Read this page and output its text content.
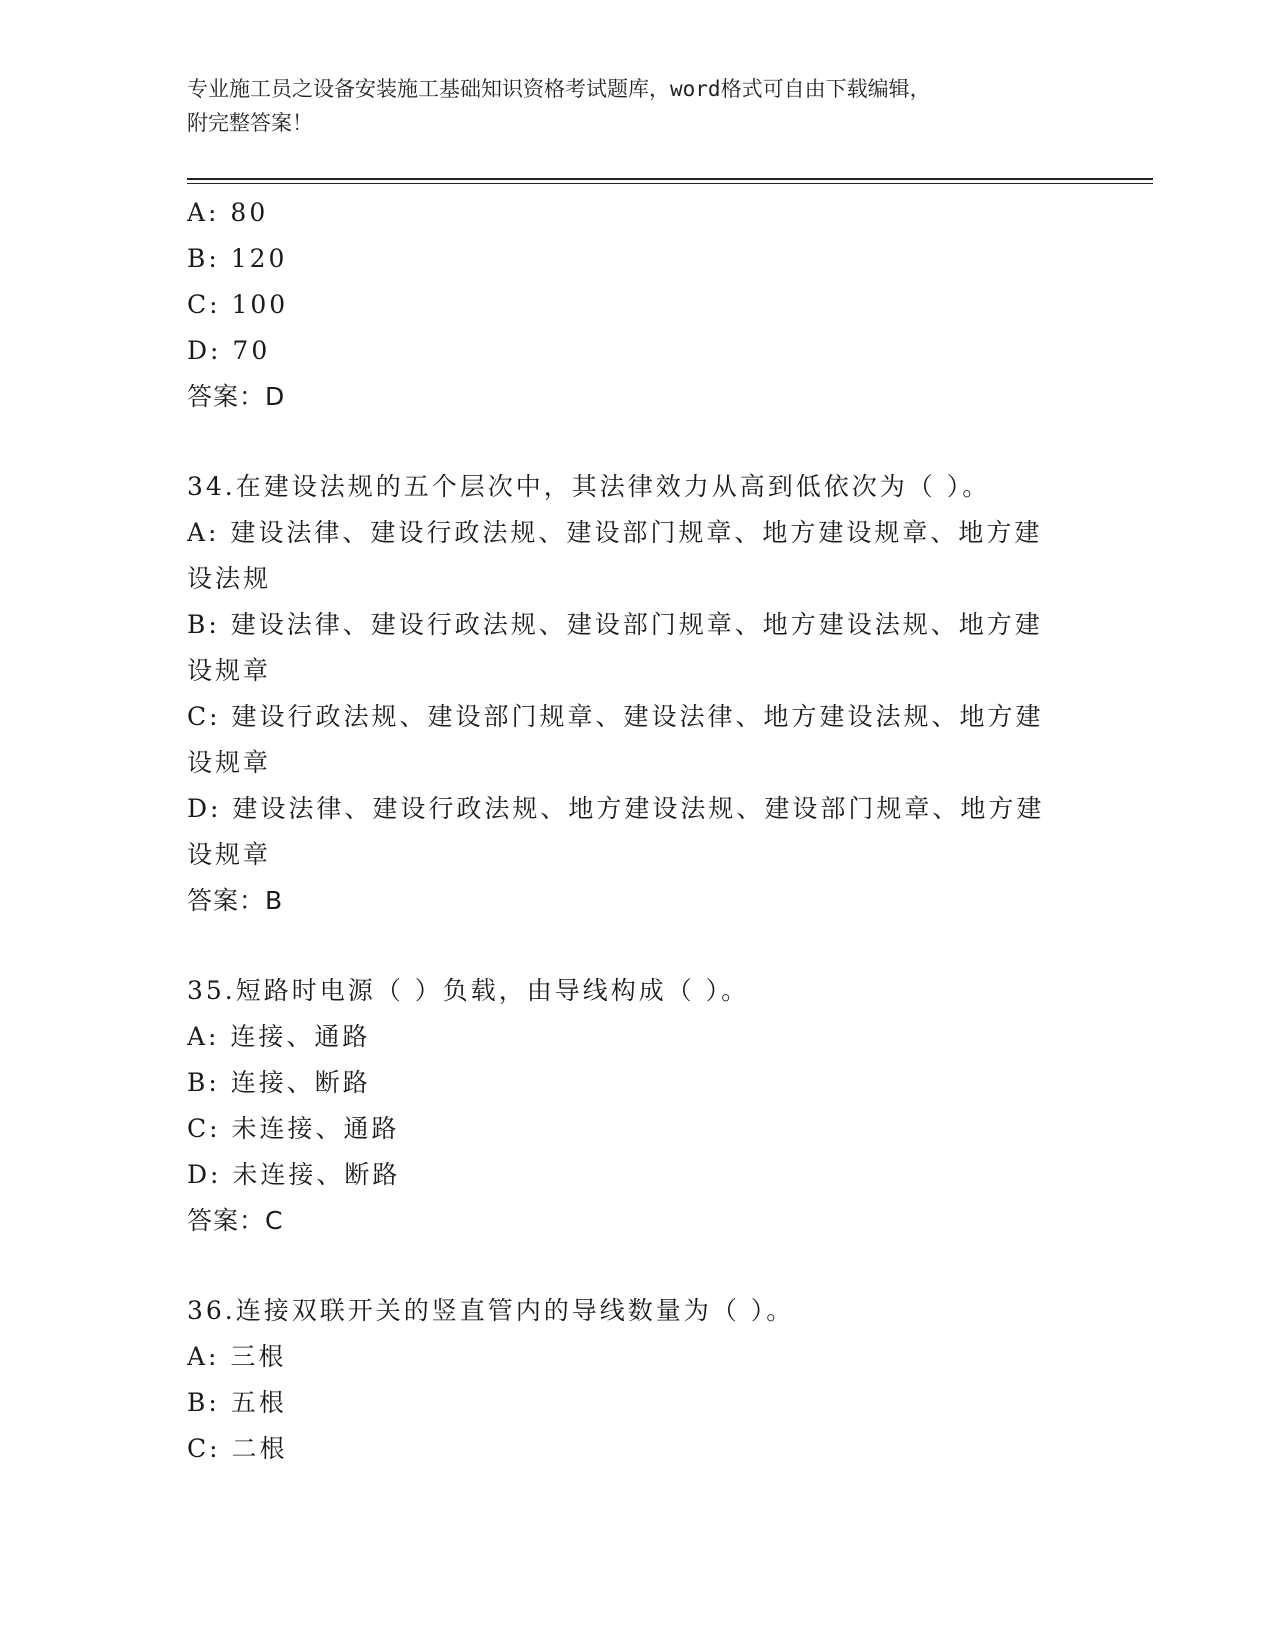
专业施工员之设备安装施工基础知识资格考试题库，word格式可自由下载编辑，
附完整答案！
A: 80
B: 120
C: 100
D: 70
答案：D
34.在建设法规的五个层次中，其法律效力从高到低依次为（ ）。
A: 建设法律、建设行政法规、建设部门规章、地方建设规章、地方建
设法规
B: 建设法律、建设行政法规、建设部门规章、地方建设法规、地方建
设规章
C: 建设行政法规、建设部门规章、建设法律、地方建设法规、地方建
设规章
D: 建设法律、建设行政法规、地方建设法规、建设部门规章、地方建
设规章
答案：B
35.短路时电源（ ）负载，由导线构成（ ）。
A: 连接、通路
B: 连接、断路
C: 未连接、通路
D: 未连接、断路
答案：C
36.连接双联开关的竖直管内的导线数量为（ ）。
A: 三根
B: 五根
C: 二根
